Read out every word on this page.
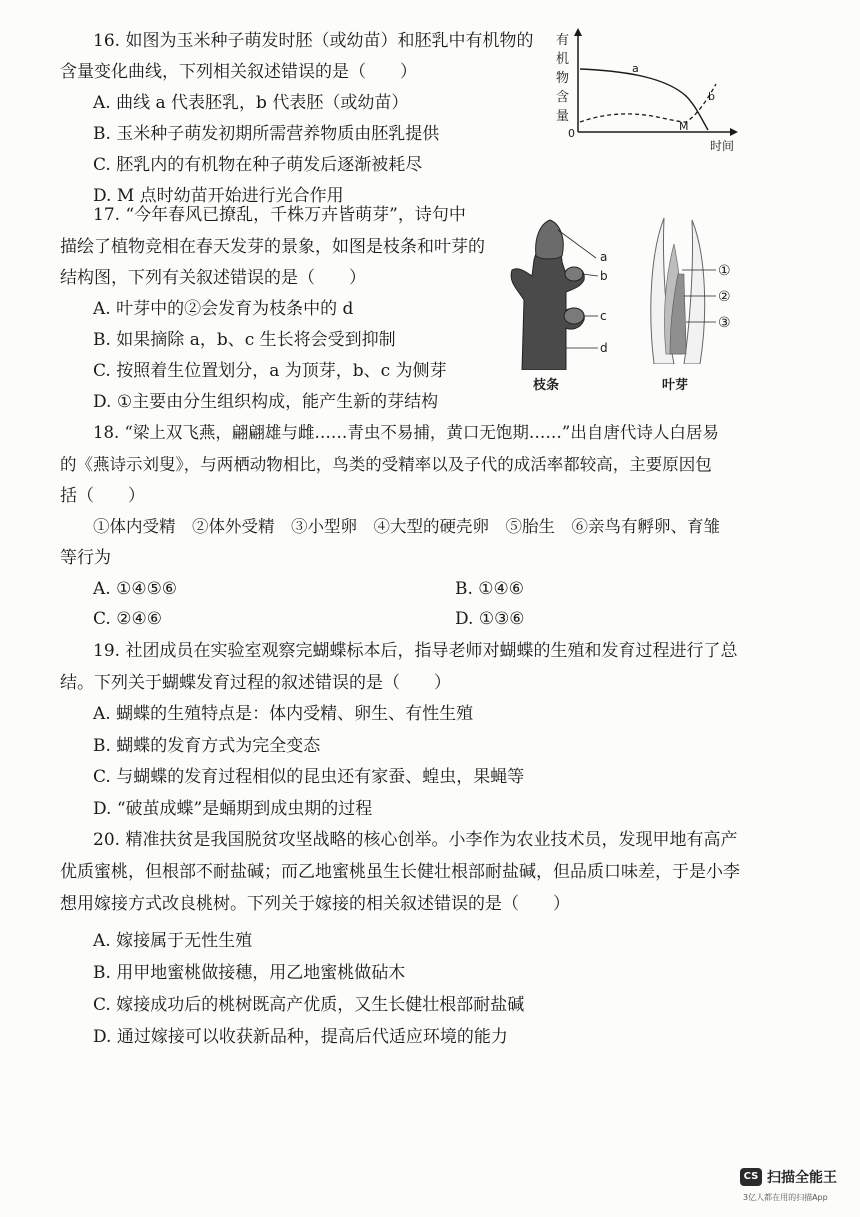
16. 如图为玉米种子萌发时胚（或幼苗）和胚乳中有机物的
含量变化曲线，下列相关叙述错误的是（　　）
A. 曲线 a 代表胚乳，b 代表胚（或幼苗）
B. 玉米种子萌发初期所需营养物质由胚乳提供
C. 胚乳内的有机物在种子萌发后逐渐被耗尽
D. M 点时幼苗开始进行光合作用
有
机
物
含
量
0
时间
a
b
M
17. “今年春风已撩乱，千株万卉皆萌芽”，诗句中
描绘了植物竞相在春天发芽的景象，如图是枝条和叶芽的
结构图，下列有关叙述错误的是（　　）
A. 叶芽中的②会发育为枝条中的 d
B. 如果摘除 a，b、c 生长将会受到抑制
C. 按照着生位置划分，a 为顶芽，b、c 为侧芽
D. ①主要由分生组织构成，能产生新的芽结构
a
b
c
d
枝条
①
②
③
叶芽
18. “梁上双飞燕，翩翩雄与雌……青虫不易捕，黄口无饱期……”出自唐代诗人白居易
的《燕诗示刘叟》，与两栖动物相比，鸟类的受精率以及子代的成活率都较高，主要原因包
括（　　）
①体内受精　②体外受精　③小型卵　④大型的硬壳卵　⑤胎生　⑥亲鸟有孵卵、育雏
等行为
A. ①④⑤⑥	B. ①④⑥
C. ②④⑥	D. ①③⑥
19. 社团成员在实验室观察完蝴蝶标本后，指导老师对蝴蝶的生殖和发育过程进行了总
结。下列关于蝴蝶发育过程的叙述错误的是（　　）
A. 蝴蝶的生殖特点是：体内受精、卵生、有性生殖
B. 蝴蝶的发育方式为完全变态
C. 与蝴蝶的发育过程相似的昆虫还有家蚕、蝗虫，果蝇等
D. “破茧成蝶”是蛹期到成虫期的过程
20. 精准扶贫是我国脱贫攻坚战略的核心创举。小李作为农业技术员，发现甲地有高产
优质蜜桃，但根部不耐盐碱；而乙地蜜桃虽生长健壮根部耐盐碱，但品质口味差，于是小李
想用嫁接方式改良桃树。下列关于嫁接的相关叙述错误的是（　　）
A. 嫁接属于无性生殖
B. 用甲地蜜桃做接穗，用乙地蜜桃做砧木
C. 嫁接成功后的桃树既高产优质，又生长健壮根部耐盐碱
D. 通过嫁接可以收获新品种，提高后代适应环境的能力
CS 扫描全能王
3亿人都在用的扫描App
